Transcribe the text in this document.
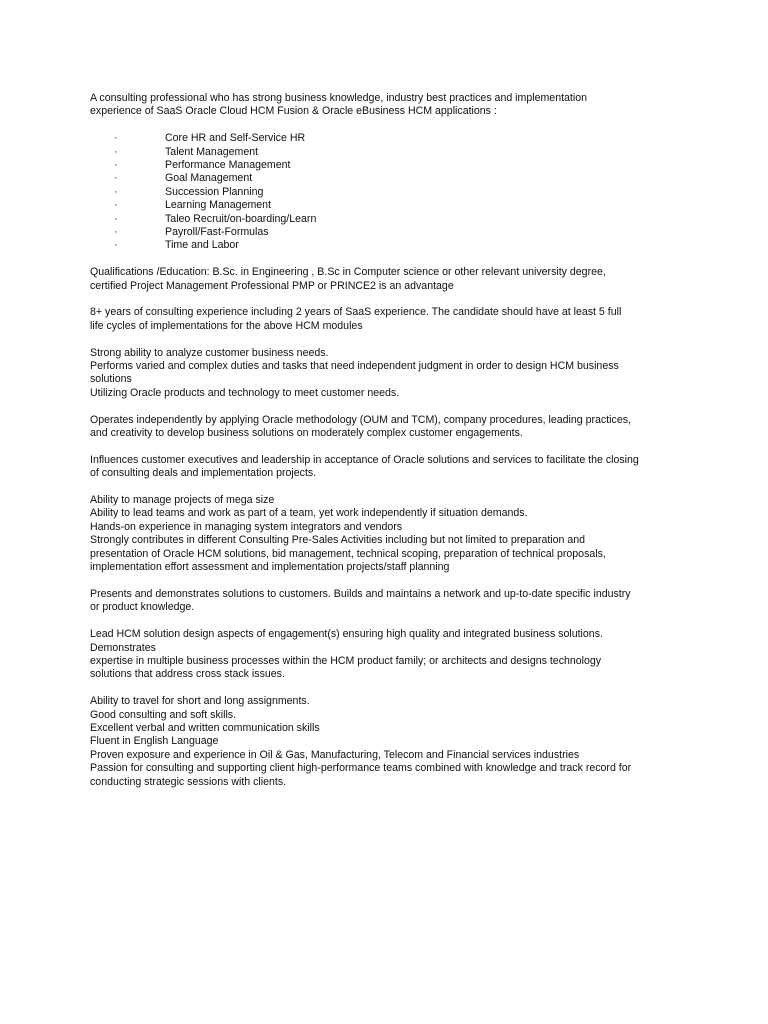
A consulting professional who has strong business knowledge, industry best practices and implementation
experience of SaaS Oracle Cloud HCM Fusion & Oracle eBusiness HCM applications :

·	Core HR and Self-Service HR
·	Talent Management
·	Performance Management
·	Goal Management
·	Succession Planning
·	Learning Management
·	Taleo Recruit/on-boarding/Learn
·	Payroll/Fast-Formulas
·	Time and Labor

Qualifications /Education: B.Sc. in Engineering , B.Sc in Computer science or other relevant university degree,
certified Project Management Professional PMP or PRINCE2 is an advantage

8+ years of consulting experience including 2 years of SaaS experience. The candidate should have at least 5 full
life cycles of implementations for the above HCM modules

Strong ability to analyze customer business needs.
Performs varied and complex duties and tasks that need independent judgment in order to design HCM business
solutions
Utilizing Oracle products and technology to meet customer needs.

Operates independently by applying Oracle methodology (OUM and TCM), company procedures, leading practices,
and creativity to develop business solutions on moderately complex customer engagements.

Influences customer executives and leadership in acceptance of Oracle solutions and services to facilitate the closing
of consulting deals and implementation projects.

Ability to manage projects of mega size
Ability to lead teams and work as part of a team, yet work independently if situation demands.
Hands-on experience in managing system integrators and vendors
Strongly contributes in different Consulting Pre-Sales Activities including but not limited to preparation and
presentation of Oracle HCM solutions, bid management, technical scoping, preparation of technical proposals,
implementation effort assessment and implementation projects/staff planning

Presents and demonstrates solutions to customers. Builds and maintains a network and up-to-date specific industry
or product knowledge.

Lead HCM solution design aspects of engagement(s) ensuring high quality and integrated business solutions.
Demonstrates
expertise in multiple business processes within the HCM product family; or architects and designs technology
solutions that address cross stack issues.

Ability to travel for short and long assignments.
Good consulting and soft skills.
Excellent verbal and written communication skills
Fluent in English Language
Proven exposure and experience in Oil & Gas, Manufacturing, Telecom and Financial services industries
Passion for consulting and supporting client high-performance teams combined with knowledge and track record for
conducting strategic sessions with clients.
